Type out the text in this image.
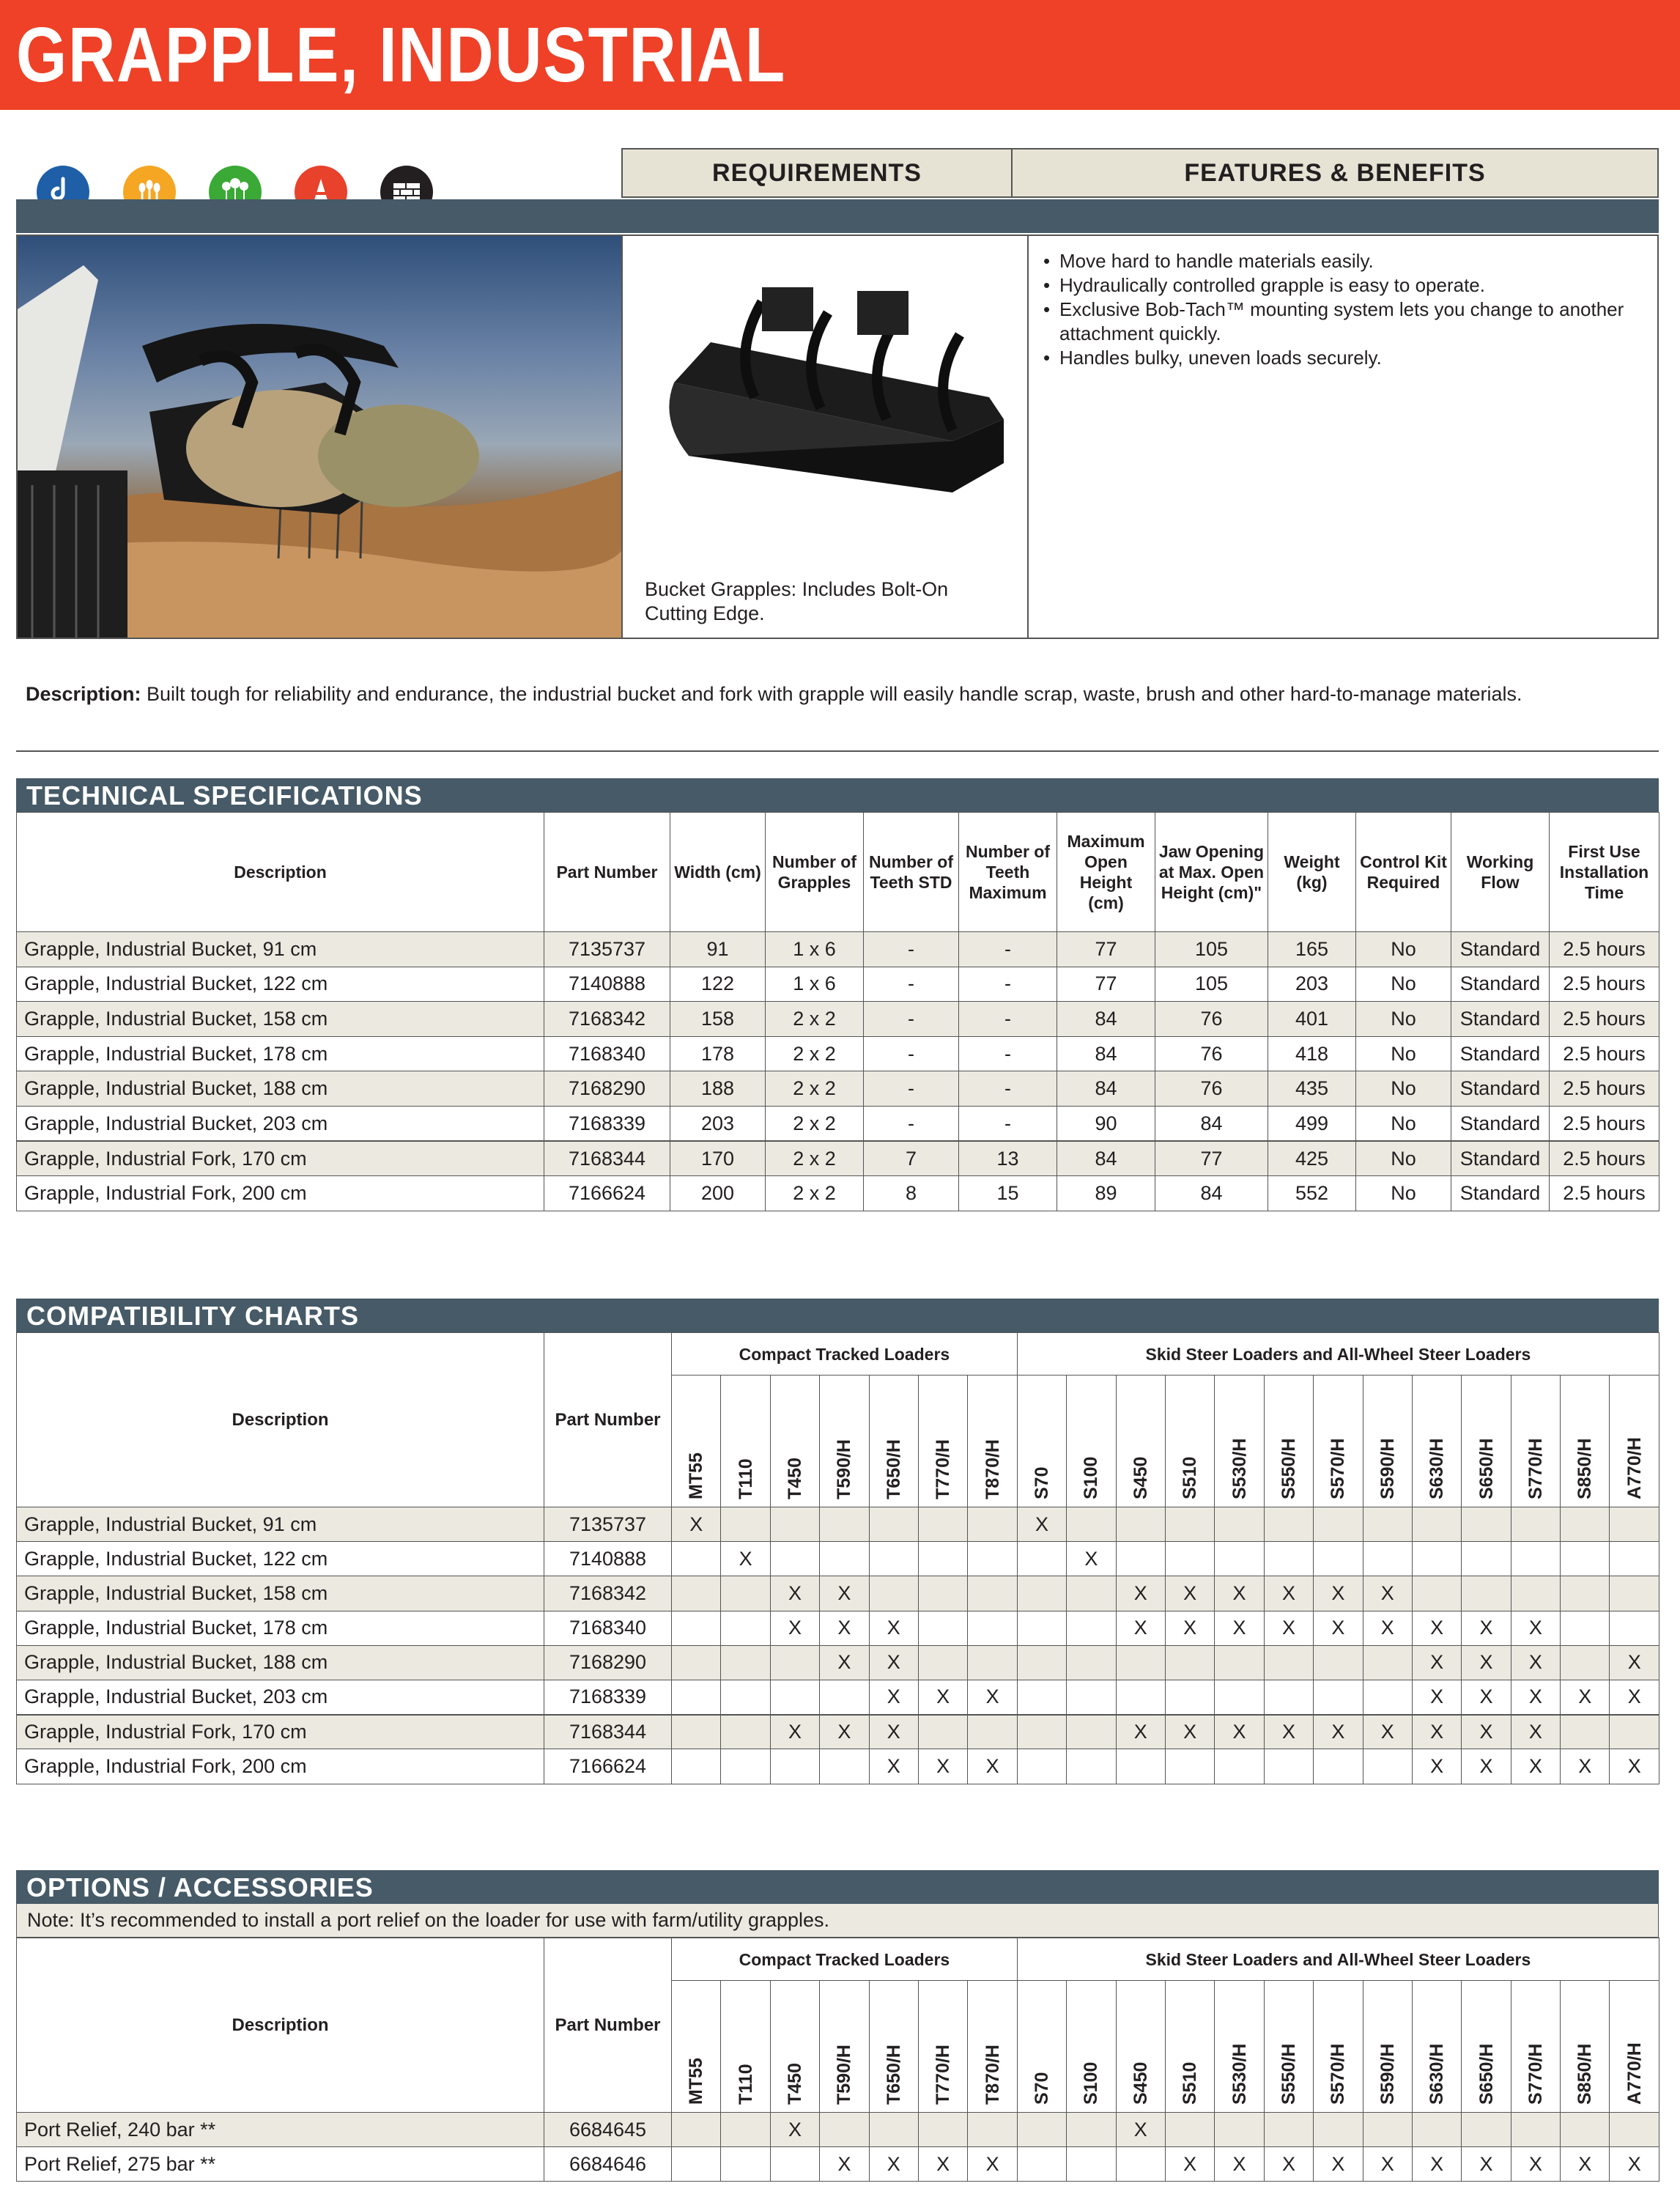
GRAPPLE, INDUSTRIAL
REQUIREMENTS	FEATURES & BENEFITS
Bucket Grapples: Includes Bolt-On Cutting Edge.
• Move hard to handle materials easily.
• Hydraulically controlled grapple is easy to operate.
• Exclusive Bob-Tach™ mounting system lets you change to another attachment quickly.
• Handles bulky, uneven loads securely.
Description: Built tough for reliability and endurance, the industrial bucket and fork with grapple will easily handle scrap, waste, brush and other hard-to-manage materials.
TECHNICAL SPECIFICATIONS
Description	Part Number	Width (cm)	Number of Grapples	Number of Teeth STD	Number of Teeth Maximum	Maximum Open Height (cm)	Jaw Opening at Max. Open Height (cm)"	Weight (kg)	Control Kit Required	Working Flow	First Use Installation Time
Grapple, Industrial Bucket, 91 cm	7135737	91	1 x 6	-	-	77	105	165	No	Standard	2.5 hours
Grapple, Industrial Bucket, 122 cm	7140888	122	1 x 6	-	-	77	105	203	No	Standard	2.5 hours
Grapple, Industrial Bucket, 158 cm	7168342	158	2 x 2	-	-	84	76	401	No	Standard	2.5 hours
Grapple, Industrial Bucket, 178 cm	7168340	178	2 x 2	-	-	84	76	418	No	Standard	2.5 hours
Grapple, Industrial Bucket, 188 cm	7168290	188	2 x 2	-	-	84	76	435	No	Standard	2.5 hours
Grapple, Industrial Bucket, 203 cm	7168339	203	2 x 2	-	-	90	84	499	No	Standard	2.5 hours
Grapple, Industrial Fork, 170 cm	7168344	170	2 x 2	7	13	84	77	425	No	Standard	2.5 hours
Grapple, Industrial Fork, 200 cm	7166624	200	2 x 2	8	15	89	84	552	No	Standard	2.5 hours
COMPATIBILITY CHARTS
Description	Part Number	Compact Tracked Loaders							Skid Steer Loaders and All-Wheel Steer Loaders												

		MT55	T110	T450	T590/H	T650/H	T770/H	T870/H	S70	S100	S450	S510	S530/H	S550/H	S570/H	S590/H	S630/H	S650/H	S770/H	S850/H	A770/H

Grapple, Industrial Bucket, 91 cm	7135737	X							X												
Grapple, Industrial Bucket, 122 cm	7140888		X							X											
Grapple, Industrial Bucket, 158 cm	7168342			X	X						X	X	X	X	X	X					
Grapple, Industrial Bucket, 178 cm	7168340			X	X	X					X	X	X	X	X	X	X	X	X		
Grapple, Industrial Bucket, 188 cm	7168290				X	X											X	X	X		X
Grapple, Industrial Bucket, 203 cm	7168339					X	X	X									X	X	X	X	X
Grapple, Industrial Fork, 170 cm	7168344			X	X	X					X	X	X	X	X	X	X	X	X		
Grapple, Industrial Fork, 200 cm	7166624					X	X	X									X	X	X	X	X
OPTIONS / ACCESSORIES
Note: It’s recommended to install a port relief on the loader for use with farm/utility grapples.
Description	Part Number	Compact Tracked Loaders							Skid Steer Loaders and All-Wheel Steer Loaders												

		MT55	T110	T450	T590/H	T650/H	T770/H	T870/H	S70	S100	S450	S510	S530/H	S550/H	S570/H	S590/H	S630/H	S650/H	S770/H	S850/H	A770/H

Port Relief, 240 bar **	6684645			X							X										
Port Relief, 275 bar **	6684646				X	X	X	X				X	X	X	X	X	X	X	X	X	X
